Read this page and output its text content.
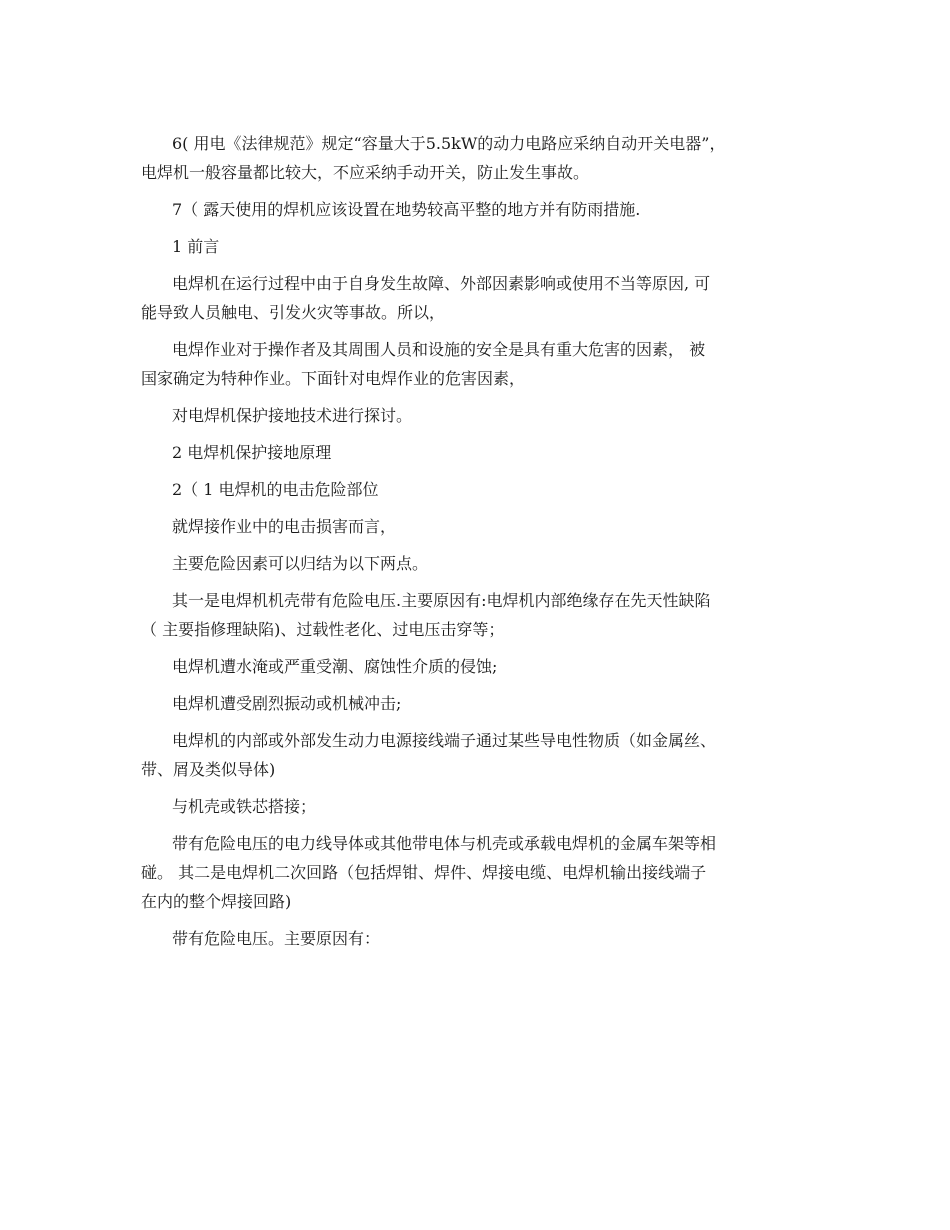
6( 用电《法律规范》规定“容量大于5.5kW的动力电路应采纳自动开关电器”，
电焊机一般容量都比较大，不应采纳手动开关，防止发生事故。
7（ 露天使用的焊机应该设置在地势较高平整的地方并有防雨措施.
1 前言
电焊机在运行过程中由于自身发生故障、外部因素影响或使用不当等原因, 可
能导致人员触电、引发火灾等事故。所以，
电焊作业对于操作者及其周围人员和设施的安全是具有重大危害的因素， 被
国家确定为特种作业。下面针对电焊作业的危害因素，
对电焊机保护接地技术进行探讨。
2 电焊机保护接地原理
2（ 1 电焊机的电击危险部位
就焊接作业中的电击损害而言，
主要危险因素可以归结为以下两点。
其一是电焊机机壳带有危险电压.主要原因有:电焊机内部绝缘存在先天性缺陷
（ 主要指修理缺陷)、过载性老化、过电压击穿等；
电焊机遭水淹或严重受潮、腐蚀性介质的侵蚀;
电焊机遭受剧烈振动或机械冲击;
电焊机的内部或外部发生动力电源接线端子通过某些导电性物质（如金属丝、
带、屑及类似导体)
与机壳或铁芯搭接；
带有危险电压的电力线导体或其他带电体与机壳或承载电焊机的金属车架等相
碰。 其二是电焊机二次回路（包括焊钳、焊件、焊接电缆、电焊机输出接线端子
在内的整个焊接回路)
带有危险电压。主要原因有：
